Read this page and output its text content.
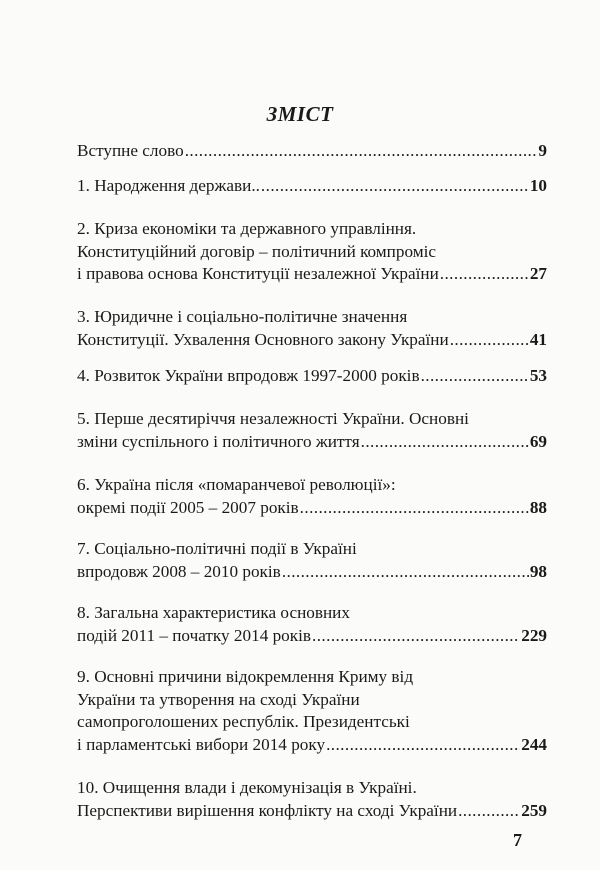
ЗМІСТ
Вступне слово .....	9
1. Народження держави.. .....	10
2. Криза економіки та державного управління.
Конституційний договір – політичний компроміс
і правова основа Конституції незалежної України .....	27
3. Юридичне і соціально-політичне значення
Конституції. Ухвалення Основного закону України .....	41
4. Розвиток України впродовж 1997-2000 років .....	53
5. Перше десятиріччя незалежності України. Основні
зміни суспільного і політичного життя .....	69
6. Україна після «помаранчевої революції»:
окремі події 2005 – 2007 років .....	88
7. Соціально-політичні події в Україні
впродовж 2008 – 2010 років .....	98
8. Загальна характеристика основних
подій 2011 – початку 2014 років .....	229
9. Основні причини відокремлення Криму від
України та утворення на сході України
самопроголошених республік. Президентські
і парламентські вибори 2014 року .....	244
10. Очищення влади і декомунізація в Україні.
Перспективи вирішення конфлікту на сході України .....	259
7
